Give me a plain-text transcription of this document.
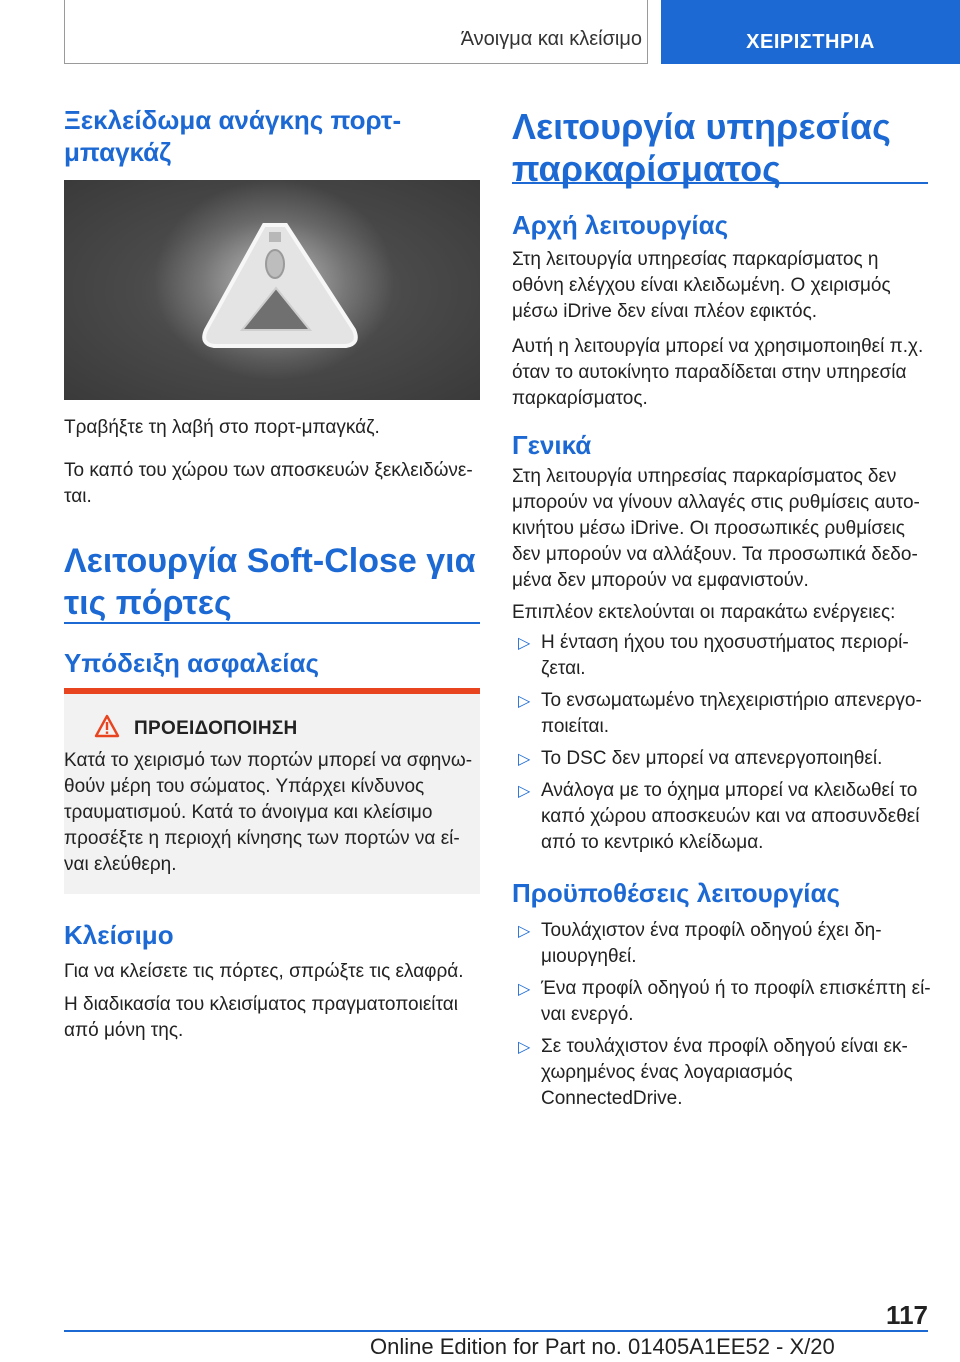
Άνοιγμα και κλείσιμο	ΧΕΙΡΙΣΤΗΡΙΑ
Ξεκλείδωμα ανάγκης πορτ-
μπαγκάζ

Τραβήξτε τη λαβή στο πορτ-μπαγκάζ.

Το καπό του χώρου των αποσκευών ξεκλειδώνε-
ται.

Λειτουργία Soft-Close για
τις πόρτες
Υπόδειξη ασφαλείας
ΠΡΟΕΙΔΟΠΟΙΗΣΗ

Κατά το χειρισμό των πορτών μπορεί να σφηνω-

θούν μέρη του σώματος. Υπάρχει κίνδυνος

τραυματισμού. Κατά το άνοιγμα και κλείσιμο

προσέξτε η περιοχή κίνησης των πορτών να εί-

ναι ελεύθερη.

Κλείσιμο

Για να κλείσετε τις πόρτες, σπρώξτε τις ελαφρά.

Η διαδικασία του κλεισίματος πραγματοποιείται
από μόνη της.

Λειτουργία υπηρεσίας
παρκαρίσματος
Αρχή λειτουργίας

Στη λειτουργία υπηρεσίας παρκαρίσματος η

οθόνη ελέγχου είναι κλειδωμένη. Ο χειρισμός

μέσω iDrive δεν είναι πλέον εφικτός.

Αυτή η λειτουργία μπορεί να χρησιμοποιηθεί π.χ.

όταν το αυτοκίνητο παραδίδεται στην υπηρεσία

παρκαρίσματος.

Γενικά

Στη λειτουργία υπηρεσίας παρκαρίσματος δεν

μπορούν να γίνουν αλλαγές στις ρυθμίσεις αυτο-

κινήτου μέσω iDrive. Οι προσωπικές ρυθμίσεις

δεν μπορούν να αλλάξουν. Τα προσωπικά δεδο-

μένα δεν μπορούν να εμφανιστούν.

Επιπλέον εκτελούνται οι παρακάτω ενέργειες:

▷ Η ένταση ήχου του ηχοσυστήματος περιορί-

ζεται.

▷ Το ενσωματωμένο τηλεχειριστήριο απενεργο-

ποιείται.

▷ Το DSC δεν μπορεί να απενεργοποιηθεί.

▷ Ανάλογα με το όχημα μπορεί να κλειδωθεί το

καπό χώρου αποσκευών και να αποσυνδεθεί

από το κεντρικό κλείδωμα.

Προϋποθέσεις λειτουργίας
▷ Τουλάχιστον ένα προφίλ οδηγού έχει δη-

μιουργηθεί.

▷ Ένα προφίλ οδηγού ή το προφίλ επισκέπτη εί-

ναι ενεργό.

▷ Σε τουλάχιστον ένα προφίλ οδηγού είναι εκ-

χωρημένος ένας λογαριασμός

ConnectedDrive.

117
Online Edition for Part no. 01405A1EE52 - X/20
